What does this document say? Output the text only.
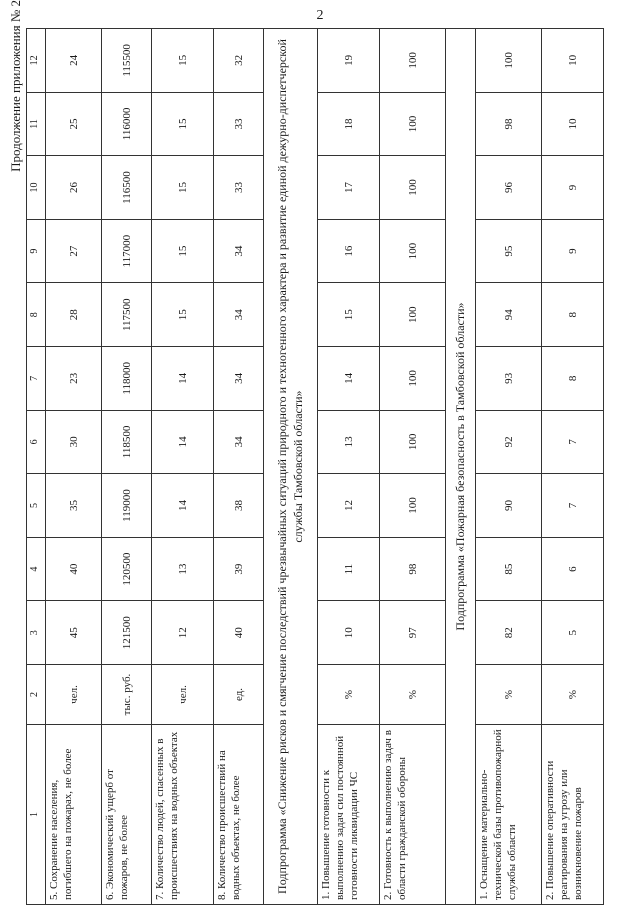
2
Продолжение приложения № 2
1	2	3	4	5	6	7	8	9	10	11	12
5. Сохранение населения, погибшего на пожарах, не более	чел.	45	40	35	30	23	28	27	26	25	24
6. Экономический ущерб от пожаров, не более	тыс. руб.	121500	120500	119000	118500	118000	117500	117000	116500	116000	115500
7. Количество людей, спасенных в происшествиях на водных объектах	чел.	12	13	14	14	14	15	15	15	15	15
8. Количество происшествий на водных объектах, не более	ед.	40	39	38	34	34	34	34	33	33	32
Подпрограмма «Снижение рисков и смягчение последствий чрезвычайных ситуаций природного и техногенного характера и развитие единой дежурно-диспетчерской службы Тамбовской области»											
1. Повышение готовности к выполнению задач сил постоянной готовности ликвидации ЧС	%	10	11	12	13	14	15	16	17	18	19
2. Готовность к выполнению задач в области гражданской обороны	%	97	98	100	100	100	100	100	100	100	100
Подпрограмма «Пожарная безопасность в Тамбовской области»											
1. Оснащение материально-технической базы противопожарной службы области	%	82	85	90	92	93	94	95	96	98	100
2. Повышение оперативности реагирования на угрозу или возникновение пожаров	%	5	6	7	7	8	8	9	9	10	10
